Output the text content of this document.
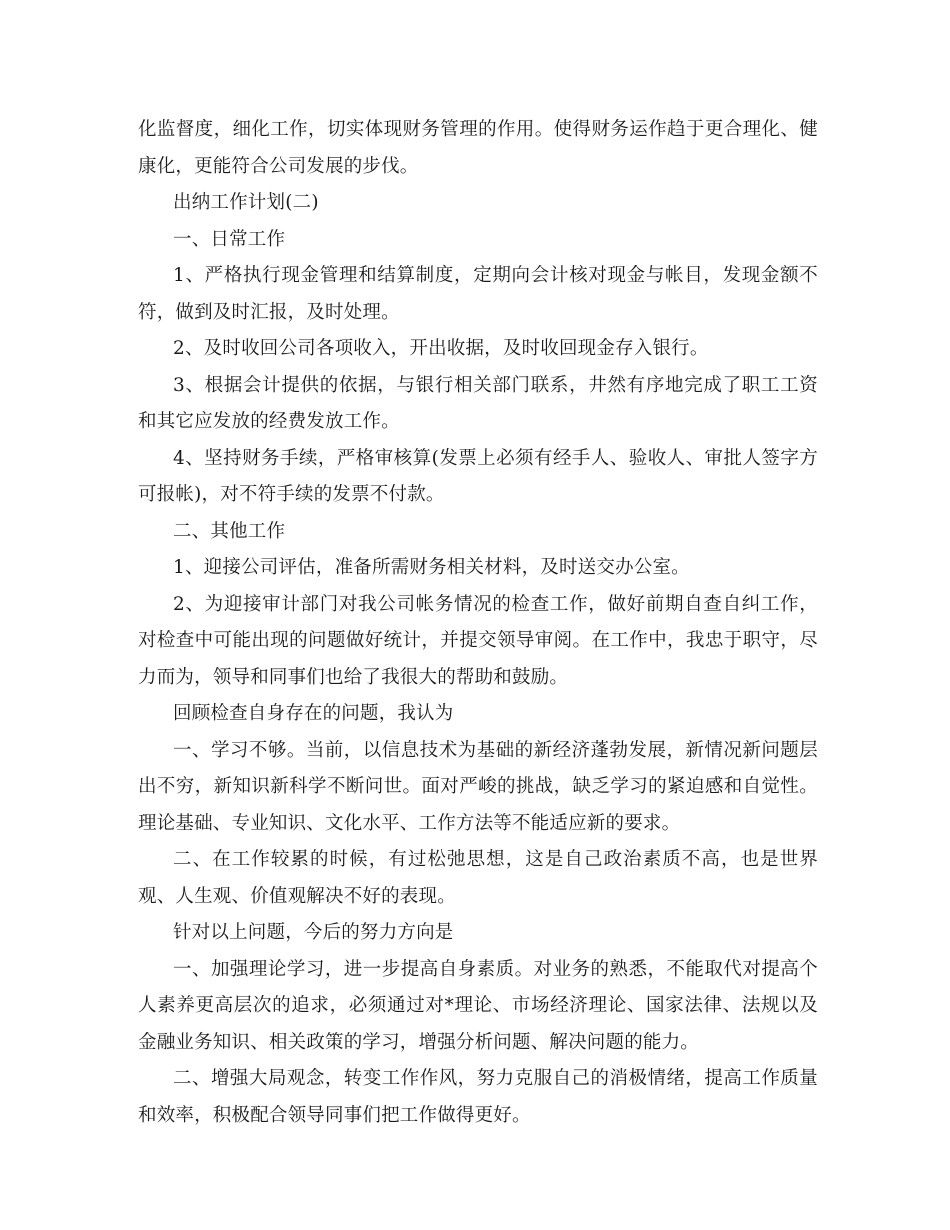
化监督度，细化工作，切实体现财务管理的作用。使得财务运作趋于更合理化、健康化，更能符合公司发展的步伐。

出纳工作计划(二)

一、日常工作

1、严格执行现金管理和结算制度，定期向会计核对现金与帐目，发现金额不符，做到及时汇报，及时处理。

2、及时收回公司各项收入，开出收据，及时收回现金存入银行。

3、根据会计提供的依据，与银行相关部门联系，井然有序地完成了职工工资和其它应发放的经费发放工作。

4、坚持财务手续，严格审核算(发票上必须有经手人、验收人、审批人签字方可报帐)，对不符手续的发票不付款。

二、其他工作

1、迎接公司评估，准备所需财务相关材料，及时送交办公室。

2、为迎接审计部门对我公司帐务情况的检查工作，做好前期自查自纠工作，对检查中可能出现的问题做好统计，并提交领导审阅。在工作中，我忠于职守，尽力而为，领导和同事们也给了我很大的帮助和鼓励。

回顾检查自身存在的问题，我认为

一、学习不够。当前，以信息技术为基础的新经济蓬勃发展，新情况新问题层出不穷，新知识新科学不断问世。面对严峻的挑战，缺乏学习的紧迫感和自觉性。理论基础、专业知识、文化水平、工作方法等不能适应新的要求。

二、在工作较累的时候，有过松弛思想，这是自己政治素质不高，也是世界观、人生观、价值观解决不好的表现。

针对以上问题，今后的努力方向是

一、加强理论学习，进一步提高自身素质。对业务的熟悉，不能取代对提高个人素养更高层次的追求，必须通过对*理论、市场经济理论、国家法律、法规以及金融业务知识、相关政策的学习，增强分析问题、解决问题的能力。

二、增强大局观念，转变工作作风，努力克服自己的消极情绪，提高工作质量和效率，积极配合领导同事们把工作做得更好。
